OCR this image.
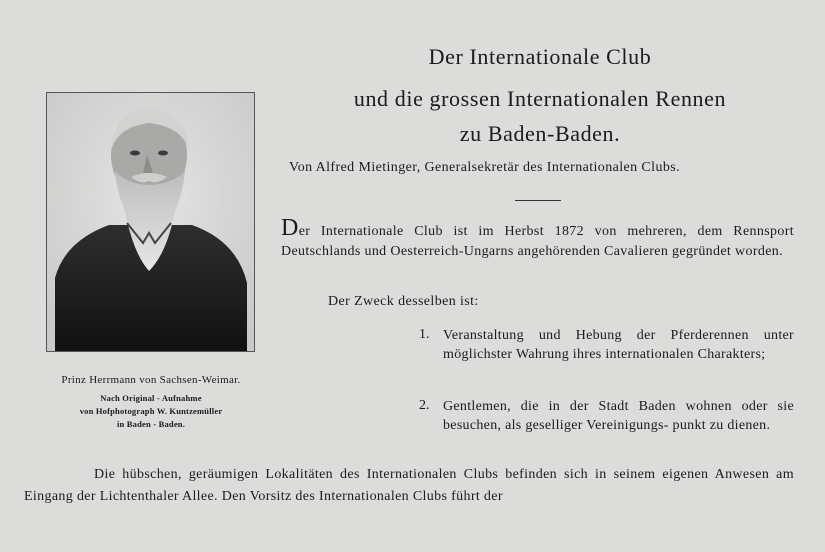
Der Internationale Club
und die grossen Internationalen Rennen
zu Baden-Baden.
Von Alfred Mietinger, Generalsekretär des Internationalen Clubs.
Prinz Herrmann von Sachsen-Weimar.
Nach Original - Aufnahme
von Hofphotograph W. Kuntzemüller
in Baden - Baden.
Der Internationale Club ist im Herbst 1872 von mehreren, dem Rennsport Deutschlands und Oesterreich-Ungarns angehörenden Cavalieren gegründet worden.
Der Zweck desselben ist:
1. Veranstaltung und Hebung der Pferderennen unter möglichster Wahrung ihres internationalen Charakters;
2. Gentlemen, die in der Stadt Baden wohnen oder sie besuchen, als geselliger Vereinigungs- punkt zu dienen.
Die hübschen, geräumigen Lokalitäten des Internationalen Clubs befinden sich in seinem eigenen Anwesen am Eingang der Lichtenthaler Allee. Den Vorsitz des Internationalen Clubs führt der
